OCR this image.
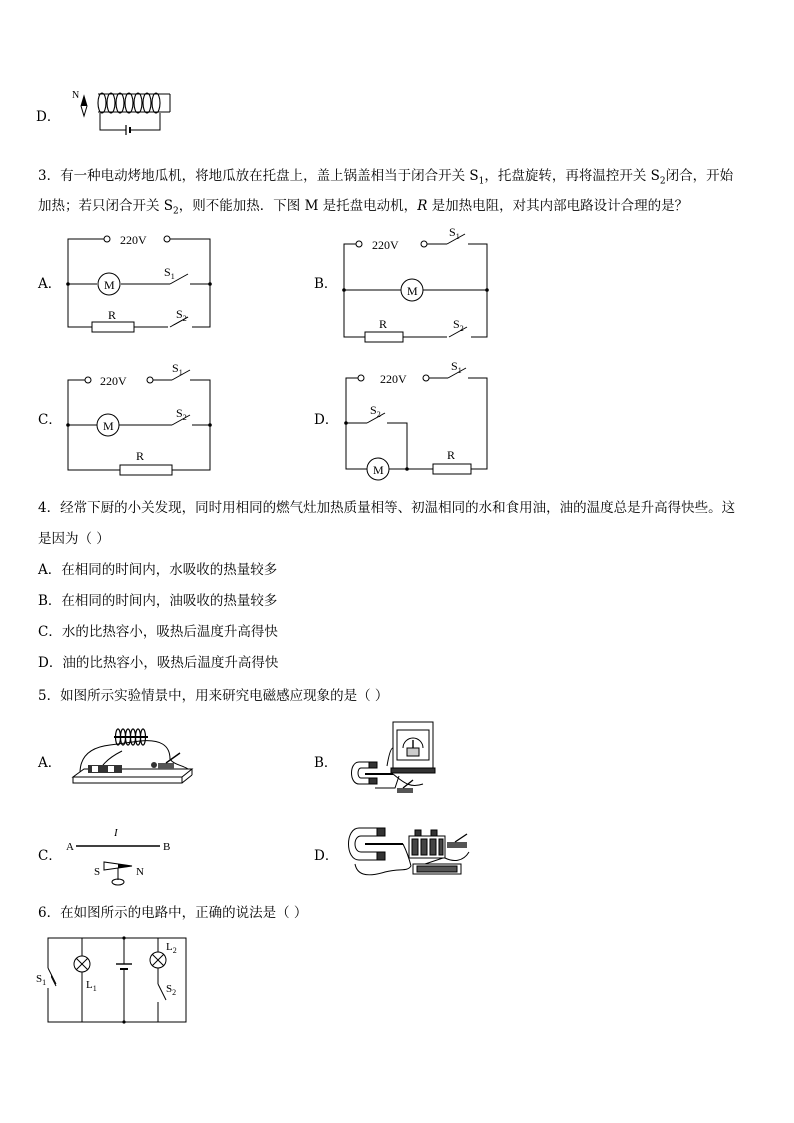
D．
N
3．有一种电动烤地瓜机，将地瓜放在托盘上，盖上锅盖相当于闭合开关 $S_1$，托盘旋转，再将温控开关 $S_2$闭合，开始
加热；若只闭合开关 $S_2$，则不能加热．下图 M 是托盘电动机，R 是加热电阻，对其内部电路设计合理的是？
A．	B．
C．	D．
220V
M
$S_1$
$S_2$
R
220V
M
$S_1$
$S_2$
R
220V
M
$S_1$
$S_2$
R
220V
M
$S_1$
$S_2$
R
4．经常下厨的小关发现，同时用相同的燃气灶加热质量相等、初温相同的水和食用油，油的温度总是升高得快些。这
是因为（ ）
A．在相同的时间内，水吸收的热量较多
B．在相同的时间内，油吸收的热量较多
C．水的比热容小，吸热后温度升高得快
D．油的比热容小，吸热后温度升高得快
5．如图所示实验情景中，用来研究电磁感应现象的是（ ）
A．	B．
C．	D．
I
A	B
S	N
6．在如图所示的电路中，正确的说法是（ ）
$S_1$	$L_1$
$L_2$
$S_2$
